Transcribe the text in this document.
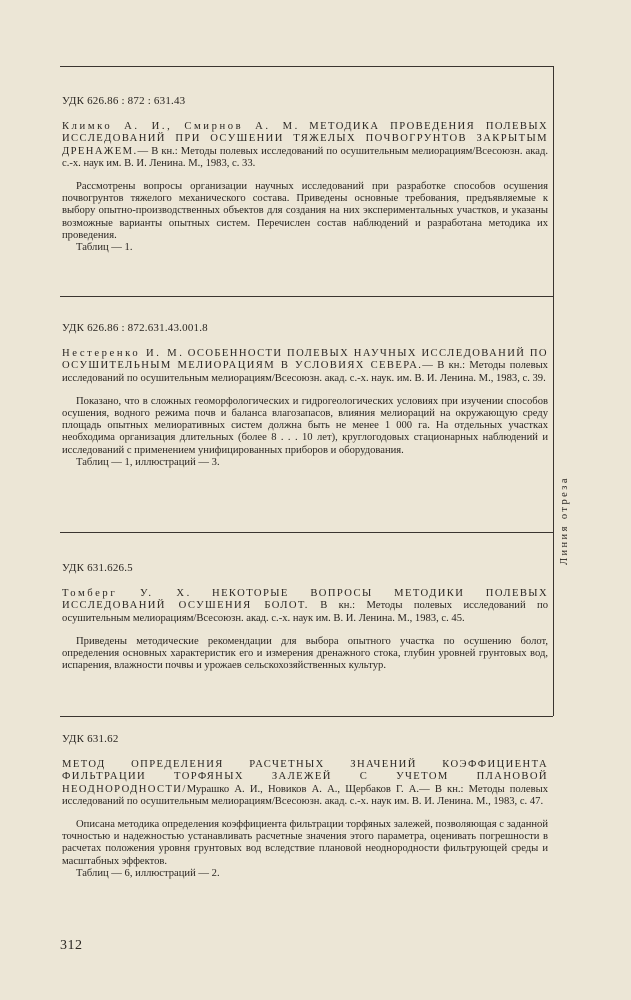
УДК 626.86 : 872 : 631.43

Климко А. И., Смирнов А. М. МЕТОДИКА ПРОВЕДЕНИЯ ПОЛЕВЫХ ИССЛЕДОВАНИЙ ПРИ ОСУШЕНИИ ТЯЖЕЛЫХ ПОЧВОГРУНТОВ ЗАКРЫТЫМ ДРЕНАЖЕМ.— В кн.: Методы полевых исследований по осушительным мелиорациям/Всесоюзн. акад. с.-х. наук им. В. И. Ленина. М., 1983, с. 33.

Рассмотрены вопросы организации научных исследований при разработке способов осушения почвогрунтов тяжелого механического состава. Приведены основные требования, предъявляемые к выбору опытно-производственных объектов для создания на них экспериментальных участков, и указаны возможные варианты опытных систем. Перечислен состав наблюдений и разработана методика их проведения.

Таблиц — 1.

УДК 626.86 : 872.631.43.001.8

Нестеренко И. М. ОСОБЕННОСТИ ПОЛЕВЫХ НАУЧНЫХ ИССЛЕДОВАНИЙ ПО ОСУШИТЕЛЬНЫМ МЕЛИОРАЦИЯМ В УСЛОВИЯХ СЕВЕРА.— В кн.: Методы полевых исследований по осушительным мелиорациям/Всесоюзн. акад. с.-х. наук. им. В. И. Ленина. М., 1983, с. 39.

Показано, что в сложных геоморфологических и гидрогеологических условиях при изучении способов осушения, водного режима почв и баланса влагозапасов, влияния мелиораций на окружающую среду площадь опытных мелиоративных систем должна быть не менее 1 000 га. На отдельных участках необходима организация длительных (более 8 . . . 10 лет), круглогодовых стационарных наблюдений и исследований с применением унифицированных приборов и оборудования.

Таблиц — 1, иллюстраций — 3.

УДК 631.626.5

Томберг У. Х. НЕКОТОРЫЕ ВОПРОСЫ МЕТОДИКИ ПОЛЕВЫХ ИССЛЕДОВАНИЙ ОСУШЕНИЯ БОЛОТ. В кн.: Методы полевых исследований по осушительным мелиорациям/Всесоюзн. акад. с.-х. наук им. В. И. Ленина. М., 1983, с. 45.

Приведены методические рекомендации для выбора опытного участка по осушению болот, определения основных характеристик его и измерения дренажного стока, глубин уровней грунтовых вод, испарения, влажности почвы и урожаев сельскохозяйственных культур.

УДК 631.62

МЕТОД ОПРЕДЕЛЕНИЯ РАСЧЕТНЫХ ЗНАЧЕНИЙ КОЭФФИЦИЕНТА ФИЛЬТРАЦИИ ТОРФЯНЫХ ЗАЛЕЖЕЙ С УЧЕТОМ ПЛАНОВОЙ НЕОДНОРОДНОСТИ/Мурашко А. И., Новиков А. А., Щербаков Г. А.— В кн.: Методы полевых исследований по осушительным мелиорациям/Всесоюзн. акад. с.-х. наук им. В. И. Ленина. М., 1983, с. 47.

Описана методика определения коэффициента фильтрации торфяных залежей, позволяющая с заданной точностью и надежностью устанавливать расчетные значения этого параметра, оценивать погрешности в расчетах положения уровня грунтовых вод вследствие плановой неоднородности фильтрующей среды и масштабных эффектов.

Таблиц — 6, иллюстраций — 2.

Линия отреза
312
